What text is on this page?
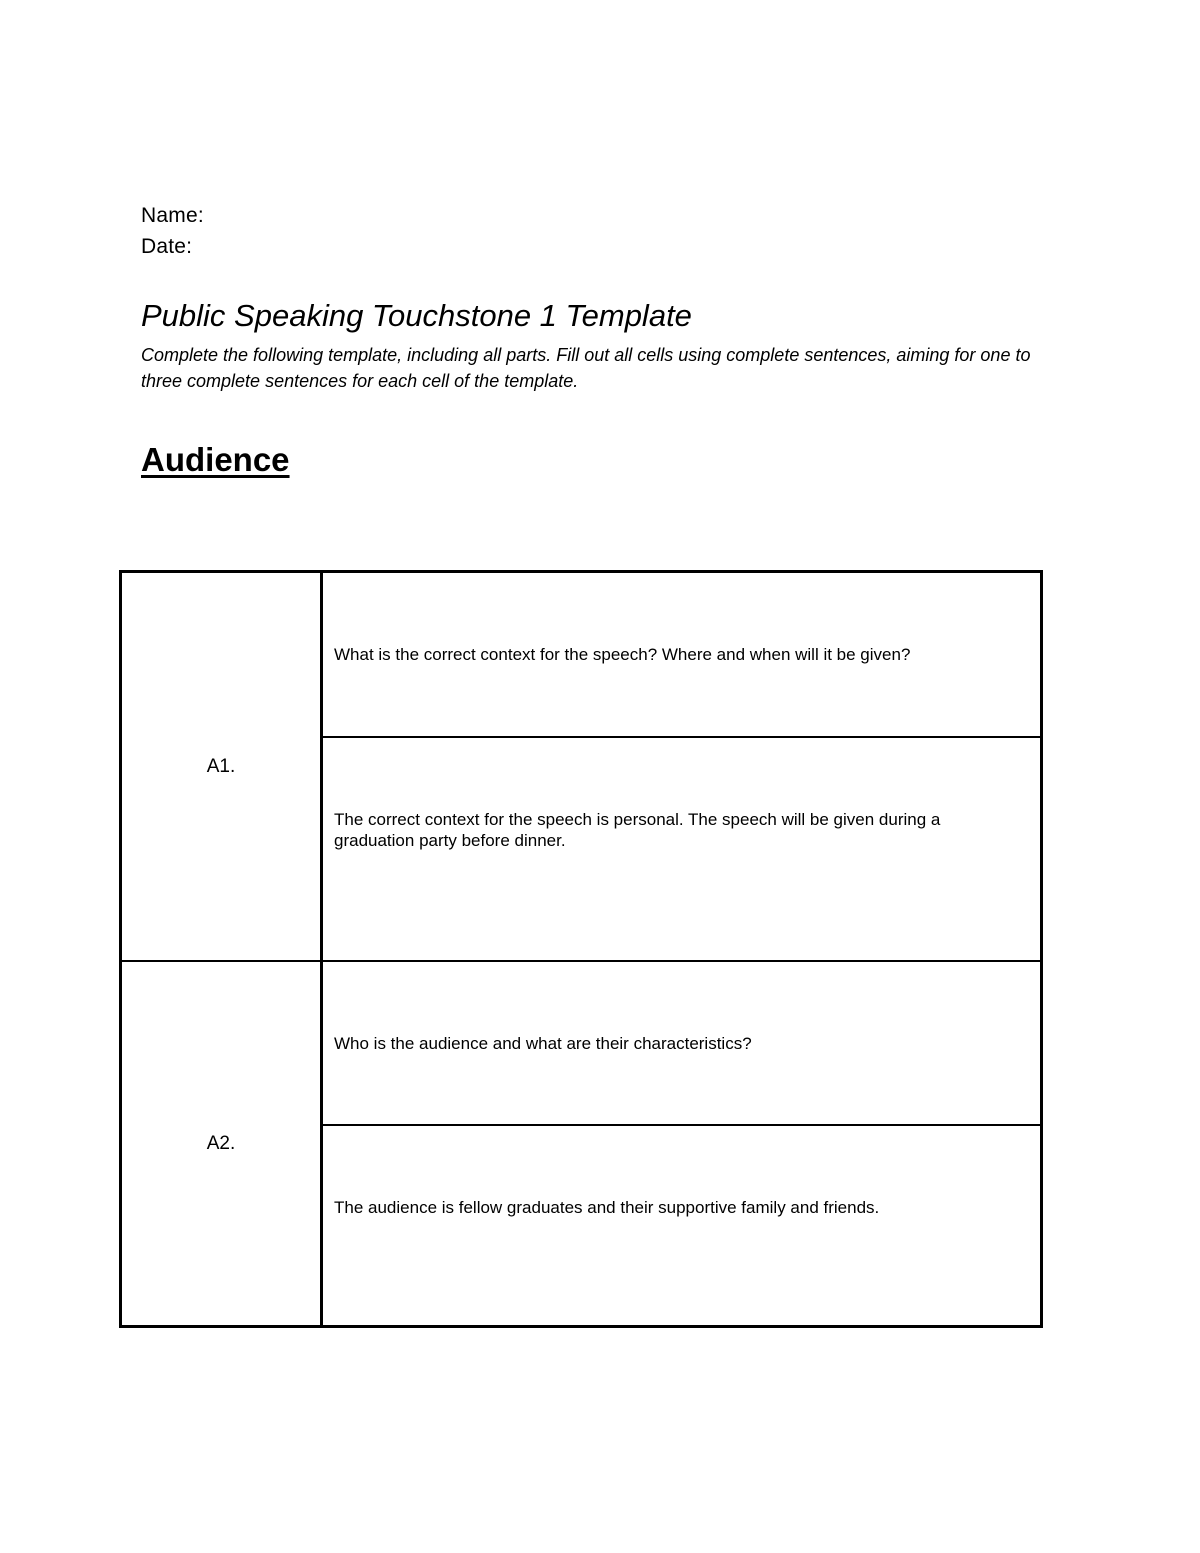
Name:
Date:
Public Speaking Touchstone 1 Template
Complete the following template, including all parts. Fill out all cells using complete sentences, aiming for one to three complete sentences for each cell of the template.
Audience
A1.
What is the correct context for the speech? Where and when will it be given?
The correct context for the speech is personal. The speech will be given during a graduation party before dinner.
A2.
Who is the audience and what are their characteristics?
The audience is fellow graduates and their supportive family and friends.
